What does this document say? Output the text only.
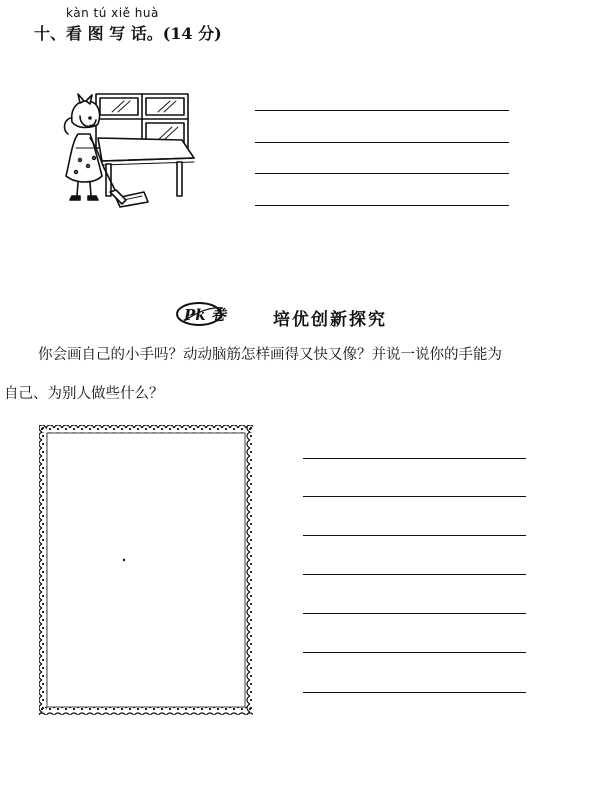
kàn tú xiě huà
十、看 图 写 话。(14 分)
Pk 卷	培优创新探究
你会画自己的小手吗？动动脑筋怎样画得又快又像？并说一说你的手能为
自己、为别人做些什么？
